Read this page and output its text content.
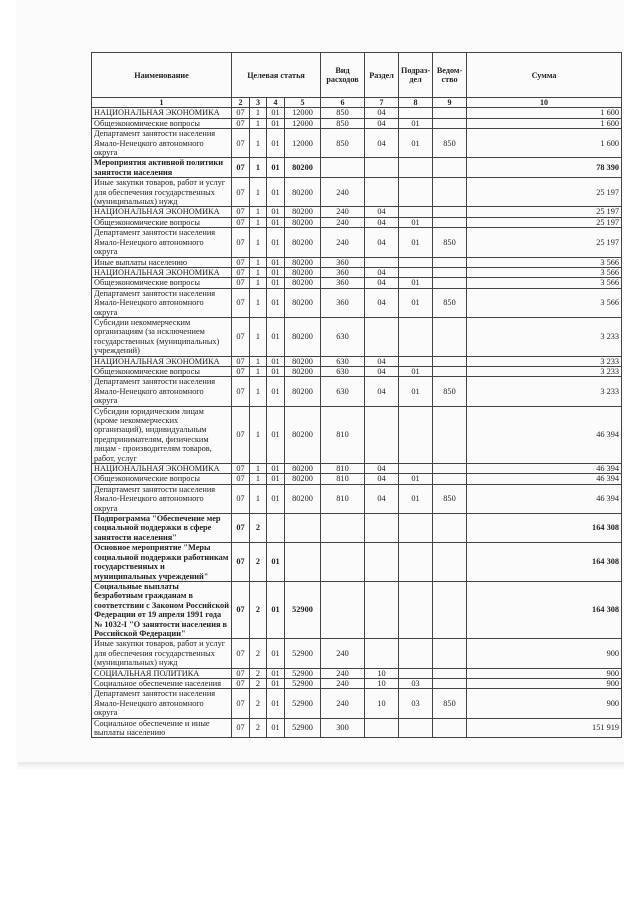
Наименование	Целевая статья				Вид расходов	Раздел	Подраз-дел	Ведом-ство	Сумма
1	2	3	4	5	6	7	8	9	10
НАЦИОНАЛЬНАЯ ЭКОНОМИКА	07	1	01	12000	850	04			1 600
Общеэкономические вопросы	07	1	01	12000	850	04	01		1 600
Департамент занятости населения Ямало-Ненецкого автономного округа	07	1	01	12000	850	04	01	850	1 600
Мероприятия активной политики занятости населения	07	1	01	80200					78 390
Иные закупки товаров, работ и услуг для обеспечения государственных (муниципальных) нужд	07	1	01	80200	240				25 197
НАЦИОНАЛЬНАЯ ЭКОНОМИКА	07	1	01	80200	240	04			25 197
Общеэкономические вопросы	07	1	01	80200	240	04	01		25 197
Департамент занятости населения Ямало-Ненецкого автономного округа	07	1	01	80200	240	04	01	850	25 197
Иные выплаты населению	07	1	01	80200	360				3 566
НАЦИОНАЛЬНАЯ ЭКОНОМИКА	07	1	01	80200	360	04			3 566
Общеэкономические вопросы	07	1	01	80200	360	04	01		3 566
Департамент занятости населения Ямало-Ненецкого автономного округа	07	1	01	80200	360	04	01	850	3 566
Субсидии некоммерческим организациям (за исключением государственных (муниципальных) учреждений)	07	1	01	80200	630				3 233
НАЦИОНАЛЬНАЯ ЭКОНОМИКА	07	1	01	80200	630	04			3 233
Общеэкономические вопросы	07	1	01	80200	630	04	01		3 233
Департамент занятости населения Ямало-Ненецкого автономного округа	07	1	01	80200	630	04	01	850	3 233
Субсидии юридическим лицам (кроме некоммерческих организаций), индивидуальным предпринимателям, физическим лицам - производителям товаров, работ, услуг	07	1	01	80200	810				46 394
НАЦИОНАЛЬНАЯ ЭКОНОМИКА	07	1	01	80200	810	04			46 394
Общеэкономические вопросы	07	1	01	80200	810	04	01		46 394
Департамент занятости населения Ямало-Ненецкого автономного округа	07	1	01	80200	810	04	01	850	46 394
Подпрограмма "Обеспечение мер социальной поддержки в сфере занятости населения"	07	2							164 308
Основное мероприятие "Меры социальной поддержки работникам государственных и муниципальных учреждений"	07	2	01						164 308
Социальные выплаты безработным гражданам в соответствии с Законом Российской Федерации от 19 апреля 1991 года № 1032-I "О занятости населения в Российской Федерации"	07	2	01	52900					164 308
Иные закупки товаров, работ и услуг для обеспечения государственных (муниципальных) нужд	07	2	01	52900	240				900
СОЦИАЛЬНАЯ ПОЛИТИКА	07	2	01	52900	240	10			900
Социальное обеспечение населения	07	2	01	52900	240	10	03		900
Департамент занятости населения Ямало-Ненецкого автономного округа	07	2	01	52900	240	10	03	850	900
Социальное обеспечение и иные выплаты населению	07	2	01	52900	300				151 919
